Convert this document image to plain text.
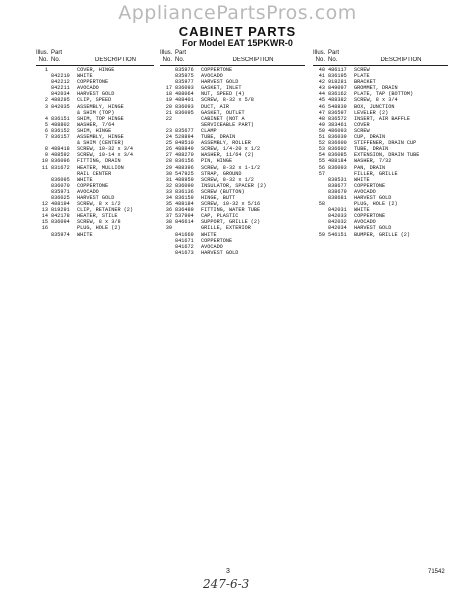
AppliancePartsPros.com
CABINET PARTS
For Model EAT 15PKWR-0
Illus. Part
No. No.	DESCRIPTION
1	COVER, HINGE
842210	WHITE
842212	COPPERTONE
842211	AVOCADO
842034	HARVEST GOLD
2 488295	CLIP, SPEED
3 842035	ASSEMBLY, HINGE
& SHIM (TOP)
4 836151	SHIM, TOP HINGE
5 488802	WASHER, 7/64
6 836152	SHIM, HINGE
7 836157	ASSEMBLY, HINGE
& SHIM (CENTER)
8 488418	SCREW, 10-32 x 3/4
9 488592	SCREW, 10-14 x 3/4
10 836096	FITTING, DRAIN
11 831672	HEATER, MULLION
RAIL CENTER
836095	WHITE
836070	COPPERTONE
835971	AVOCADO
836025	HARVEST GOLD
12 488194	SCREW, 8 x 1/2
13 819291	CLIP, RETAINER (2)
14 842178	HEATER, STILE
15 836094	SCREW, 8 x 3/8
16	PLUG, HOLE (2)
835974	WHITE
Illus. Part
No. No.	DESCRIPTION
835976	COPPERTONE
835975	AVOCADO
835977	HARVEST GOLD
17 836093	GASKET, INLET
18 488064	NUT, SPEED (4)
19 488401	SCREW, 8-32 x 5/8
20 836093	DUCT, AIR
21 836095	GASKET, OUTLET
22	CABINET (NOT A
SERVICEABLE PART)
23 835677	CLAMP
24 528894	TUBE, DRAIN
25 848510	ASSEMBLY, ROLLER
26 488849	SCREW, 1/4-20 x 1/2
27 488270	WASHER, 11/64 (2)
28 836156	PIN, HINGE
29 488396	SCREW, 8-32 x 1-1/2
30 547925	STRAP, GROUND
31 488959	SCREW, 8-32 x 1/2
32 836090	INSULATOR, SPACER (2)
33 836136	SCREW (BUTTON)
34 836159	HINGE, BUTT
35 488184	SCREW, 10-32 x 5/16
36 836489	FITTING, WATER TUBE
37 537994	CAP, PLASTIC
38 846614	SUPPORT, GRILLE (2)
39	GRILLE, EXTERIOR
841669	WHITE
841671	COPPERTONE
841672	AVOCADO
841673	HARVEST GOLD
Illus. Part
No. No.	DESCRIPTION
40 486117	SCREW
41 836195	PLATE
42 918281	BRACKET
43 849097	GROMMET, DRAIN
44 836162	PLATE, TAP (BOTTOM)
45 488382	SCREW, 8 x 3/4
46 548839	BOX, JUNCTION
47 836597	LEVELER (2)
48 836572	INSERT, AIR BAFFLE
49 383461	COVER
50 486093	SCREW
51 836039	CUP, DRAIN
52 836600	STIFFENER, DRAIN CUP
53 836602	TUBE, DRAIN
54 836085	EXTENSION, DRAIN TUBE
55 488184	WASHER, 7/32
56 836093	PAN, DRAIN
57	FILLER, GRILLE
838531	WHITE
838677	COPPERTONE
838679	AVOCADO
838681	HARVEST GOLD
58	PLUG, HOLE (2)
842031	WHITE
842033	COPPERTONE
842032	AVOCADO
842034	HARVEST GOLD
59 546151	BUMPER, GRILLE (2)
3	71542
247-6-3
